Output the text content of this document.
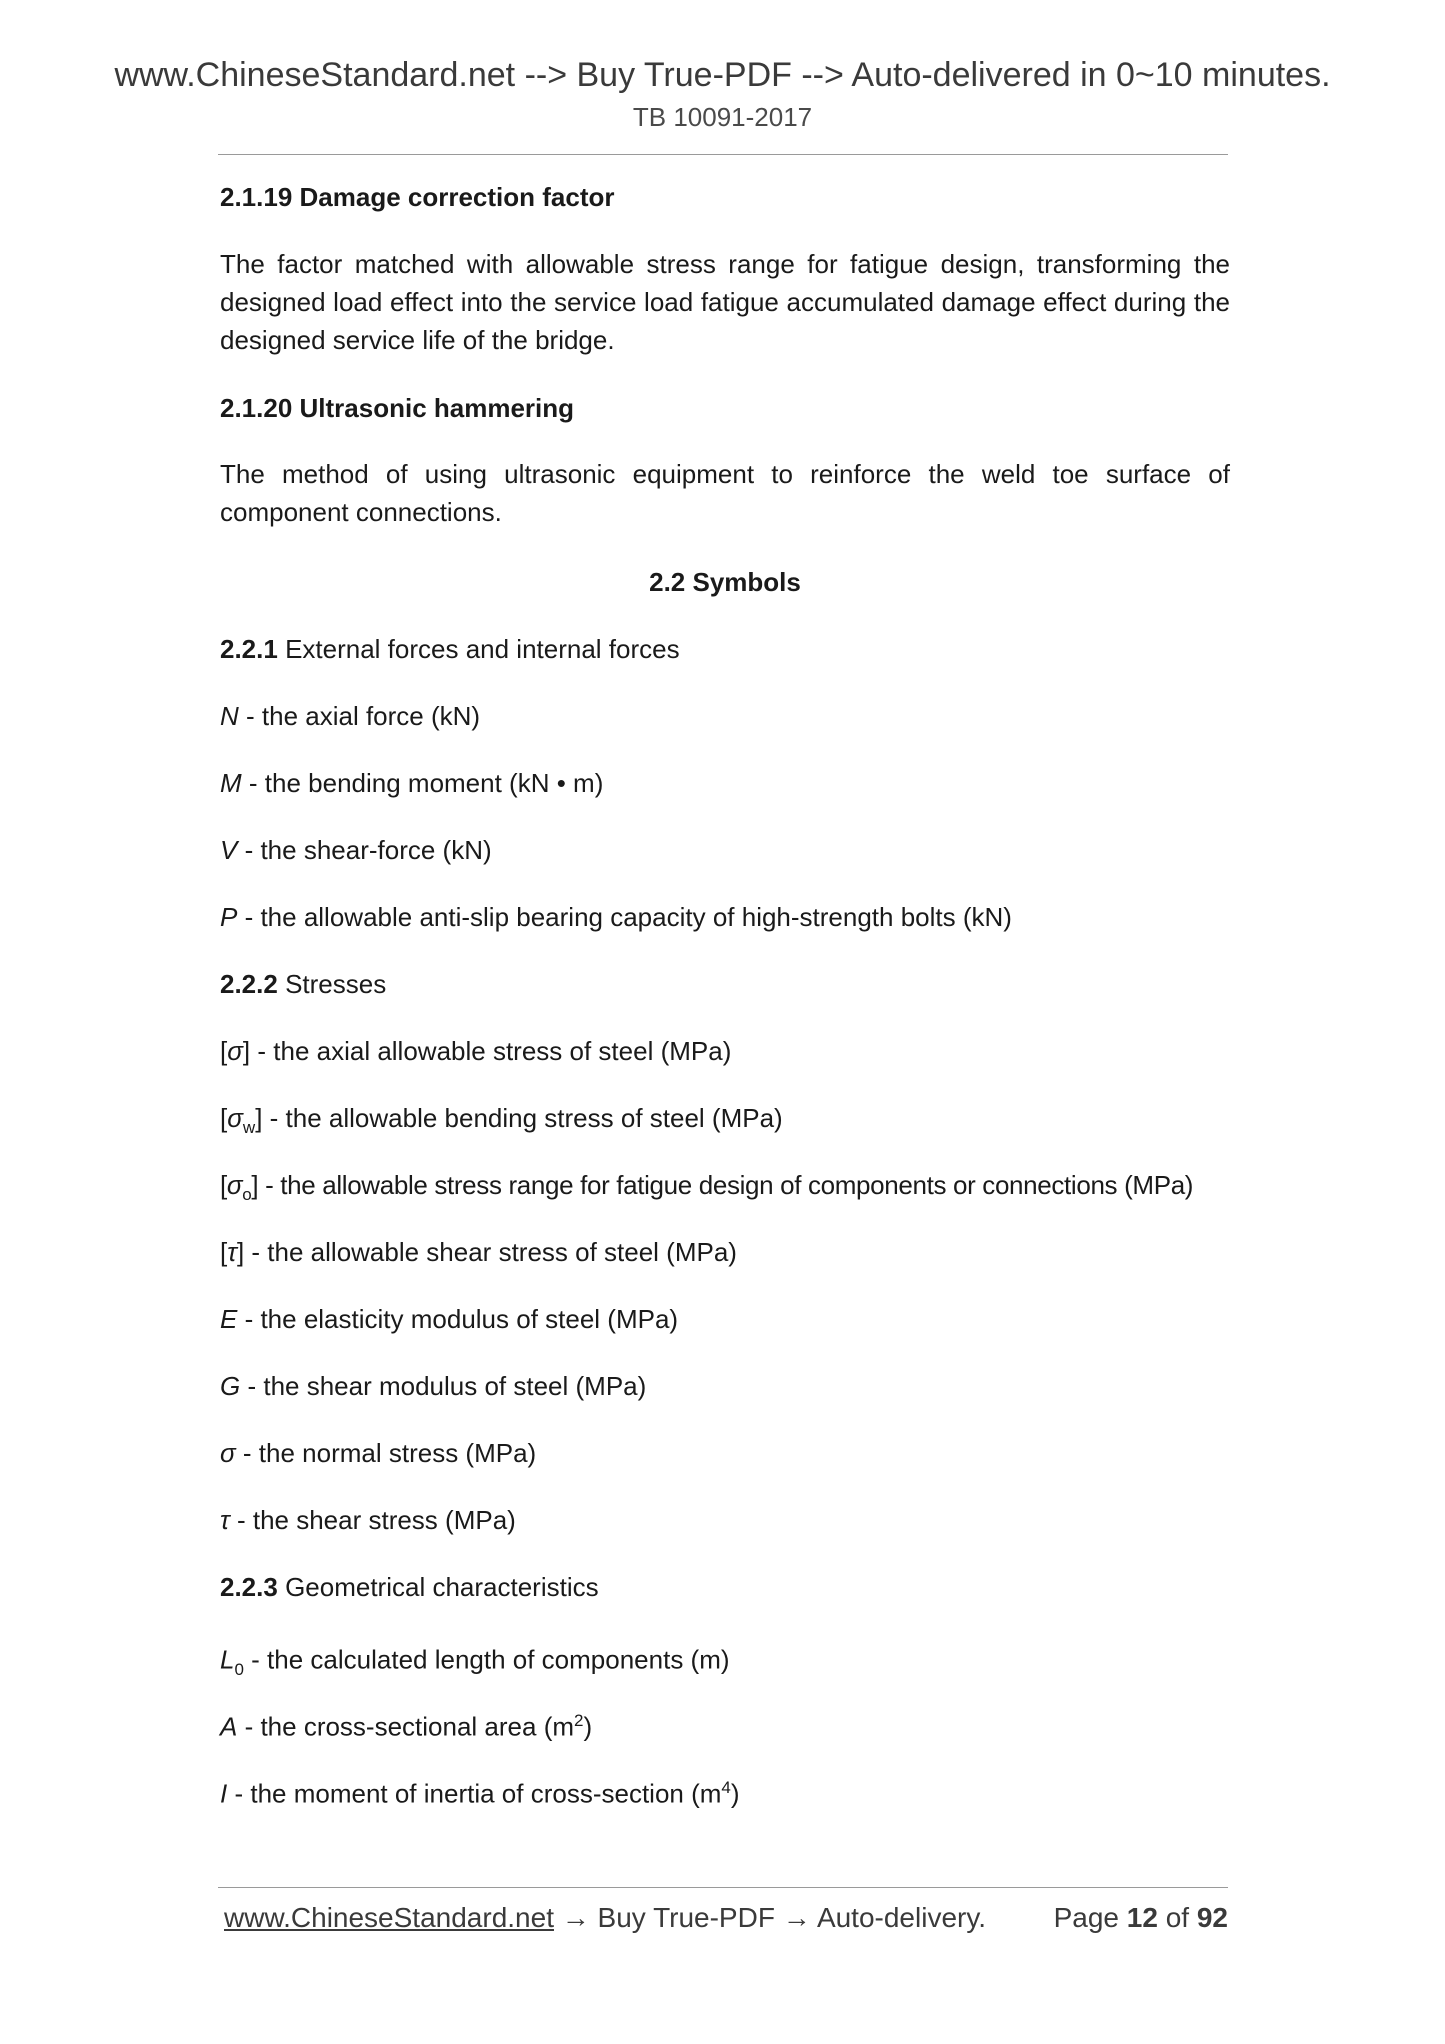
www.ChineseStandard.net --> Buy True-PDF --> Auto-delivered in 0~10 minutes.
TB 10091-2017
2.1.19 Damage correction factor
The factor matched with allowable stress range for fatigue design, transforming the designed load effect into the service load fatigue accumulated damage effect during the designed service life of the bridge.
2.1.20 Ultrasonic hammering
The method of using ultrasonic equipment to reinforce the weld toe surface of component connections.
2.2 Symbols
2.2.1 External forces and internal forces
N - the axial force (kN)
M - the bending moment (kN • m)
V - the shear-force (kN)
P - the allowable anti-slip bearing capacity of high-strength bolts (kN)
2.2.2 Stresses
[σ] - the axial allowable stress of steel (MPa)
$[\sigma_w]$ - the allowable bending stress of steel (MPa)
$[\sigma_o]$ - the allowable stress range for fatigue design of components or connections (MPa)
[τ] - the allowable shear stress of steel (MPa)
E - the elasticity modulus of steel (MPa)
G - the shear modulus of steel (MPa)
σ - the normal stress (MPa)
τ - the shear stress (MPa)
2.2.3 Geometrical characteristics
$L_0$ - the calculated length of components (m)
A - the cross-sectional area $(m^2)$
I - the moment of inertia of cross-section $(m^4)$
www.ChineseStandard.net → Buy True-PDF → Auto-delivery. Page 12 of 92
